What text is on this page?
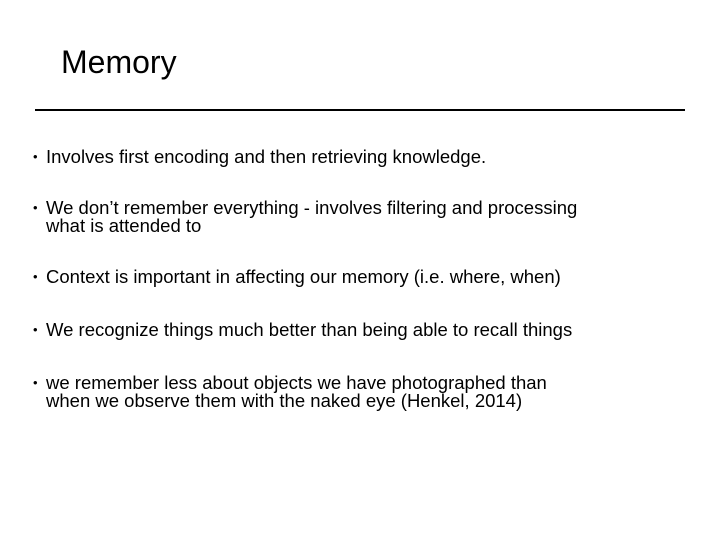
Memory
• Involves first encoding and then retrieving knowledge.
• We don’t remember everything - involves filtering and processing
what is attended to
• Context is important in affecting our memory (i.e. where, when)
• We recognize things much better than being able to recall things
• we remember less about objects we have photographed than
when we observe them with the naked eye (Henkel, 2014)
